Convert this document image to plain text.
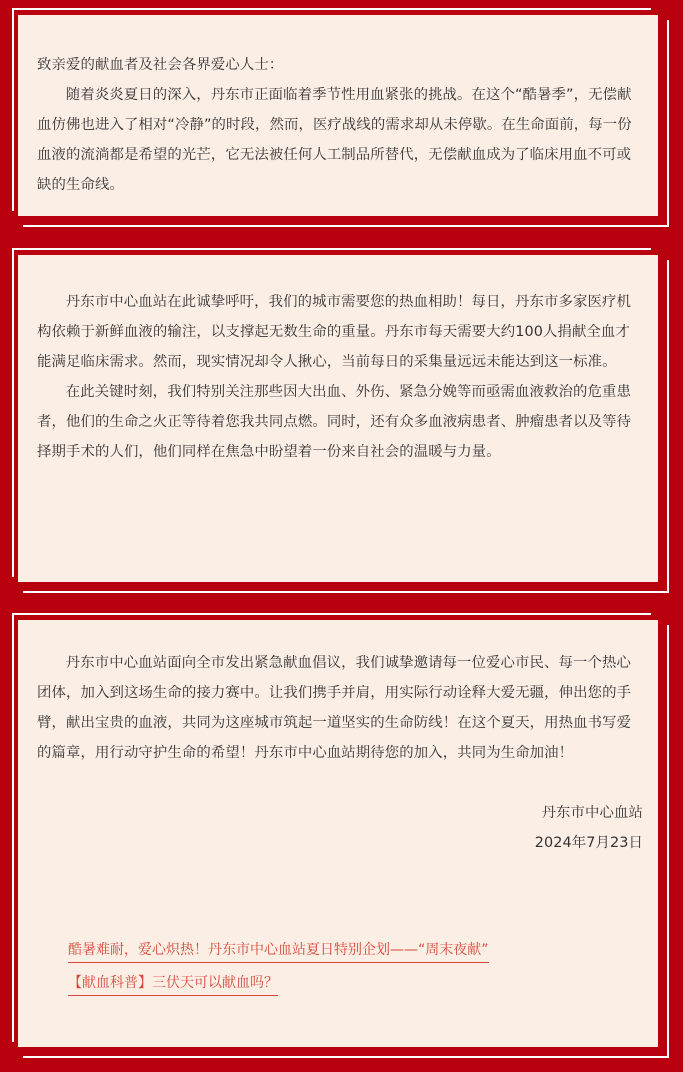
致亲爱的献血者及社会各界爱心人士：

随着炎炎夏日的深入，丹东市正面临着季节性用血紧张的挑战。在这个“酷暑季”，无偿献血仿佛也进入了相对“冷静”的时段，然而，医疗战线的需求却从未停歇。在生命面前，每一份血液的流淌都是希望的光芒，它无法被任何人工制品所替代，无偿献血成为了临床用血不可或缺的生命线。

丹东市中心血站在此诚挚呼吁，我们的城市需要您的热血相助！每日，丹东市多家医疗机构依赖于新鲜血液的输注，以支撑起无数生命的重量。丹东市每天需要大约100人捐献全血才能满足临床需求。然而，现实情况却令人揪心，当前每日的采集量远远未能达到这一标准。

在此关键时刻，我们特别关注那些因大出血、外伤、紧急分娩等而亟需血液救治的危重患者，他们的生命之火正等待着您我共同点燃。同时，还有众多血液病患者、肿瘤患者以及等待择期手术的人们，他们同样在焦急中盼望着一份来自社会的温暖与力量。

丹东市中心血站面向全市发出紧急献血倡议，我们诚挚邀请每一位爱心市民、每一个热心团体，加入到这场生命的接力赛中。让我们携手并肩，用实际行动诠释大爱无疆，伸出您的手臂，献出宝贵的血液，共同为这座城市筑起一道坚实的生命防线！在这个夏天，用热血书写爱的篇章，用行动守护生命的希望！丹东市中心血站期待您的加入，共同为生命加油！

丹东市中心血站

2024年7月23日

酷暑难耐，爱心炽热！丹东市中心血站夏日特别企划——“周末夜献”
【献血科普】三伏天可以献血吗？
